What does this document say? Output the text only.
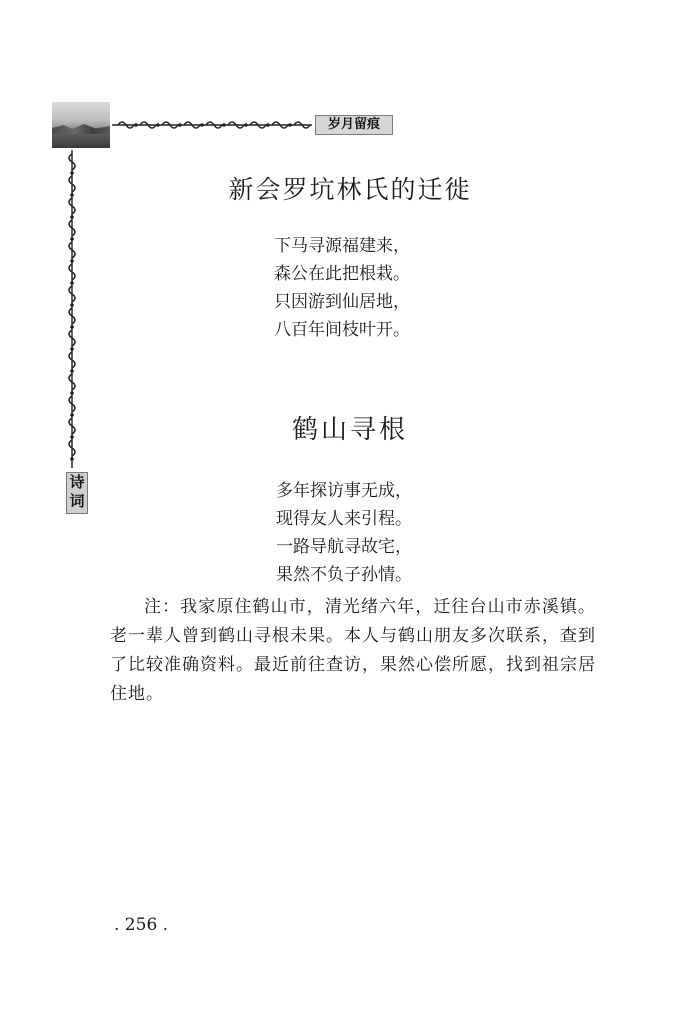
岁月留痕
诗
词
新会罗坑林氏的迁徙
下马寻源福建来，
森公在此把根栽。
只因游到仙居地，
八百年间枝叶开。
鹤山寻根
多年探访事无成，
现得友人来引程。
一路导航寻故宅，
果然不负子孙情。

注：我家原住鹤山市，清光绪六年，迁往台山市赤溪镇。老一辈人曾到鹤山寻根未果。本人与鹤山朋友多次联系，查到了比较准确资料。最近前往查访，果然心偿所愿，找到祖宗居住地。

. 256 .
